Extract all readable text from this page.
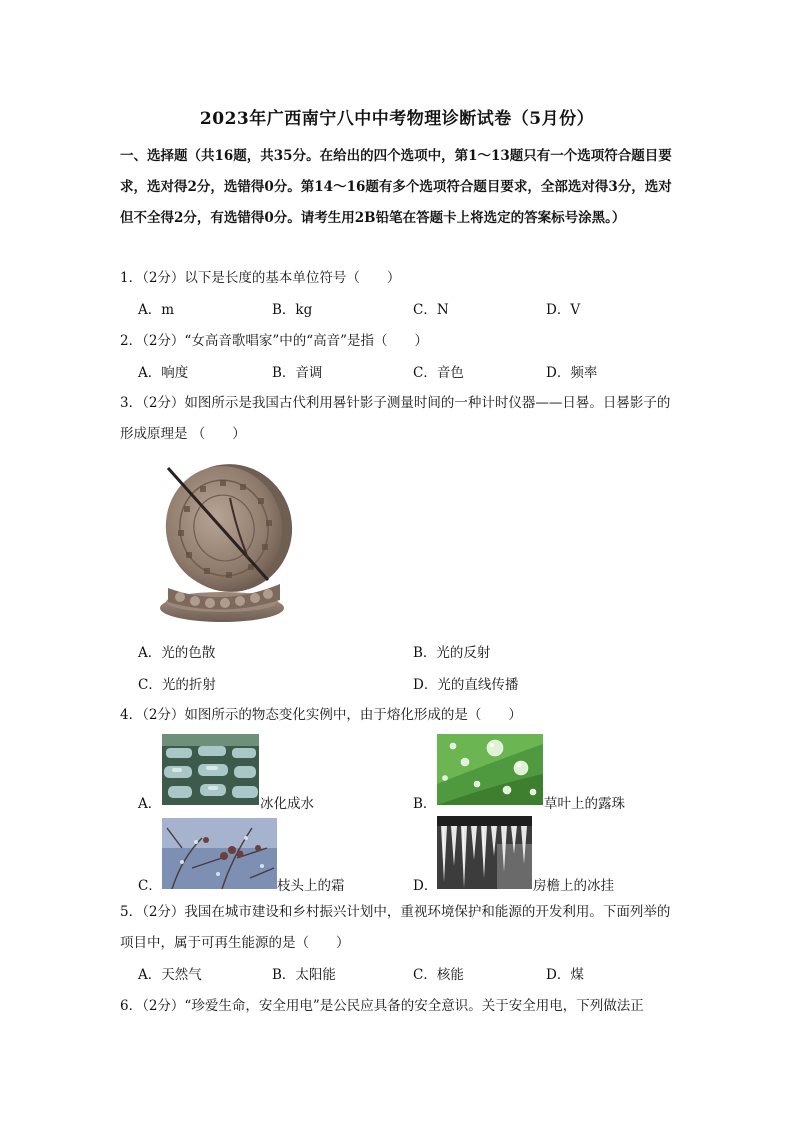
2023年广西南宁八中中考物理诊断试卷（5月份）
一、选择题（共16题，共35分。在给出的四个选项中，第1～13题只有一个选项符合题目要求，选对得2分，选错得0分。第14～16题有多个选项符合题目要求，全部选对得3分，选对但不全得2分，有选错得0分。请考生用2B铅笔在答题卡上将选定的答案标号涂黑。）
1．（2分）以下是长度的基本单位符号（　　）
A．m	B．kg	C．N	D．V
2．（2分）“女高音歌唱家”中的“高音”是指（　　）
A．响度	B．音调	C．音色	D．频率
3．（2分）如图所示是我国古代利用晷针影子测量时间的一种计时仪器——日晷。日晷影子的形成原理是 （　　）
A．光的色散	B．光的反射
C．光的折射	D．光的直线传播
4．（2分）如图所示的物态变化实例中，由于熔化形成的是（　　）
A．	冰化成水	B．	草叶上的露珠
C．	枝头上的霜	D．	房檐上的冰挂
5．（2分）我国在城市建设和乡村振兴计划中，重视环境保护和能源的开发利用。下面列举的项目中，属于可再生能源的是（　　）
A．天然气	B．太阳能	C．核能	D．煤
6．（2分）“珍爱生命，安全用电”是公民应具备的安全意识。关于安全用电，下列做法正
